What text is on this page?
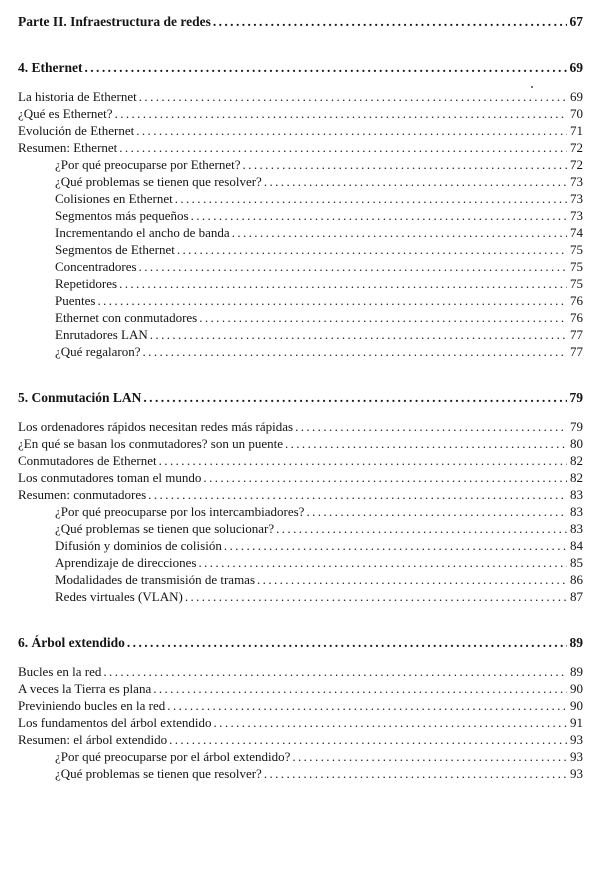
Parte II. Infraestructura de redes .....	67
4. Ethernet .....	69
La historia de Ethernet .....	69
¿Qué es Ethernet? .....	70
Evolución de Ethernet .....	71
Resumen: Ethernet .....	72
¿Por qué preocuparse por Ethernet? .....	72
¿Qué problemas se tienen que resolver? .....	73
Colisiones en Ethernet .....	73
Segmentos más pequeños .....	73
Incrementando el ancho de banda .....	74
Segmentos de Ethernet .....	75
Concentradores .....	75
Repetidores .....	75
Puentes .....	76
Ethernet con conmutadores .....	76
Enrutadores LAN .....	77
¿Qué regalaron? .....	77
5. Conmutación LAN .....	79
Los ordenadores rápidos necesitan redes más rápidas .....	79
¿En qué se basan los conmutadores? son un puente .....	80
Conmutadores de Ethernet .....	82
Los conmutadores toman el mundo .....	82
Resumen: conmutadores .....	83
¿Por qué preocuparse por los intercambiadores? .....	83
¿Qué problemas se tienen que solucionar? .....	83
Difusión y dominios de colisión .....	84
Aprendizaje de direcciones .....	85
Modalidades de transmisión de tramas .....	86
Redes virtuales (VLAN) .....	87
6. Árbol extendido .....	89
Bucles en la red .....	89
A veces la Tierra es plana .....	90
Previniendo bucles en la red .....	90
Los fundamentos del árbol extendido .....	91
Resumen: el árbol extendido .....	93
¿Por qué preocuparse por el árbol extendido? .....	93
¿Qué problemas se tienen que resolver? .....	93
